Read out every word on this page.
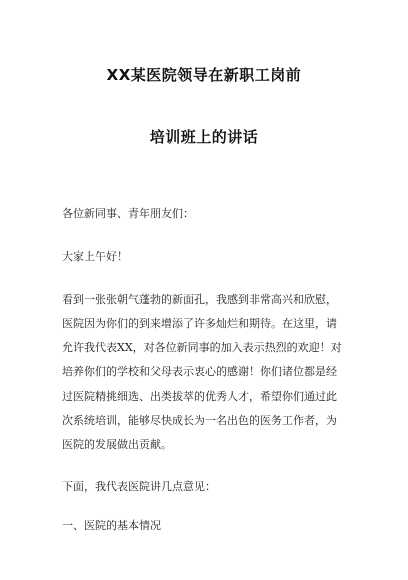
XX某医院领导在新职工岗前
培训班上的讲话

各位新同事、青年朋友们：

大家上午好！

看到一张张朝气蓬勃的新面孔，我感到非常高兴和欣慰，
医院因为你们的到来增添了许多灿烂和期待。在这里，请
允许我代表XX，对各位新同事的加入表示热烈的欢迎！对
培养你们的学校和父母表示衷心的感谢！你们诸位都是经
过医院精挑细选、出类拔萃的优秀人才，希望你们通过此
次系统培训，能够尽快成长为一名出色的医务工作者，为
医院的发展做出贡献。

下面，我代表医院讲几点意见：

一、医院的基本情况
